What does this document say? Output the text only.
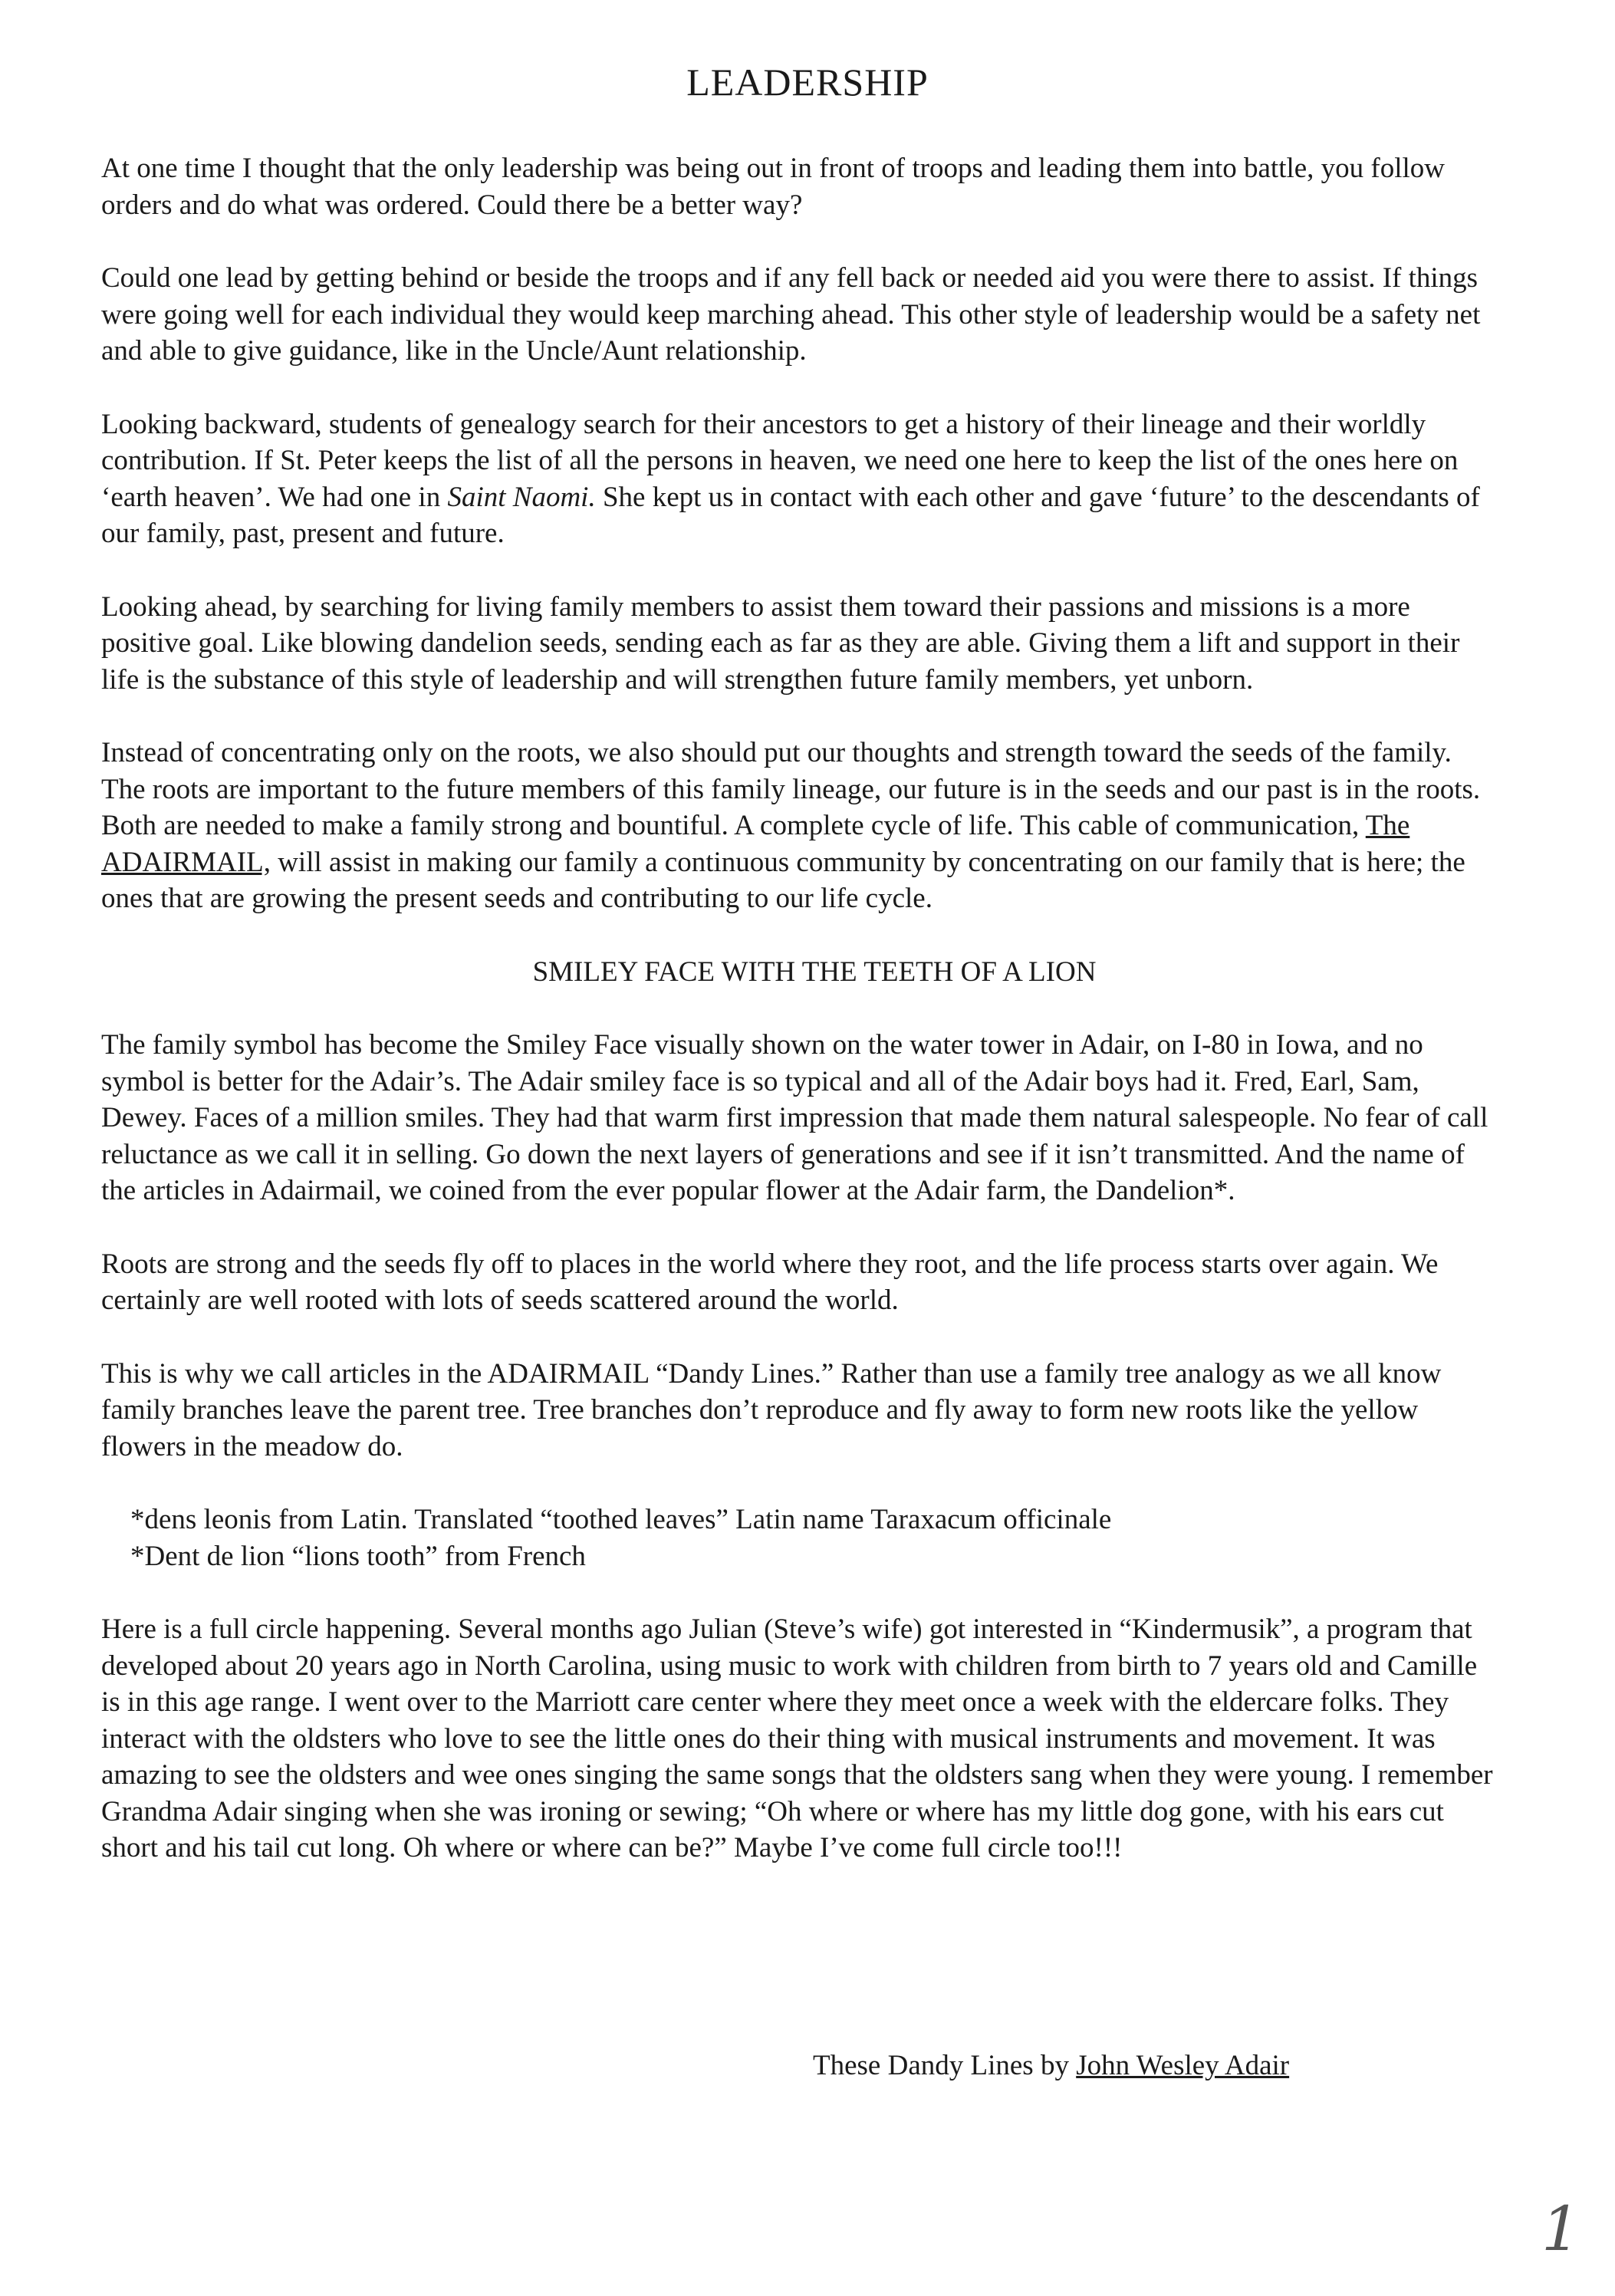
LEADERSHIP

At one time I thought that the only leadership was being out in front of troops and leading them into battle, you follow orders and do what was ordered. Could there be a better way?

Could one lead by getting behind or beside the troops and if any fell back or needed aid you were there to assist. If things were going well for each individual they would keep marching ahead. This other style of leadership would be a safety net and able to give guidance, like in the Uncle/Aunt relationship.

Looking backward, students of genealogy search for their ancestors to get a history of their lineage and their worldly contribution. If St. Peter keeps the list of all the persons in heaven, we need one here to keep the list of the ones here on ‘earth heaven’. We had one in Saint Naomi. She kept us in contact with each other and gave ‘future’ to the descendants of our family, past, present and future.

Looking ahead, by searching for living family members to assist them toward their passions and missions is a more positive goal. Like blowing dandelion seeds, sending each as far as they are able. Giving them a lift and support in their life is the substance of this style of leadership and will strengthen future family members, yet unborn.

Instead of concentrating only on the roots, we also should put our thoughts and strength toward the seeds of the family. The roots are important to the future members of this family lineage, our future is in the seeds and our past is in the roots. Both are needed to make a family strong and bountiful. A complete cycle of life. This cable of communication, The ADAIRMAIL, will assist in making our family a continuous community by concentrating on our family that is here; the ones that are growing the present seeds and contributing to our life cycle.

SMILEY FACE WITH THE TEETH OF A LION

The family symbol has become the Smiley Face visually shown on the water tower in Adair, on I-80 in Iowa, and no symbol is better for the Adair’s. The Adair smiley face is so typical and all of the Adair boys had it. Fred, Earl, Sam, Dewey. Faces of a million smiles. They had that warm first impression that made them natural salespeople. No fear of call reluctance as we call it in selling. Go down the next layers of generations and see if it isn’t transmitted. And the name of the articles in Adairmail, we coined from the ever popular flower at the Adair farm, the Dandelion*.

Roots are strong and the seeds fly off to places in the world where they root, and the life process starts over again. We certainly are well rooted with lots of seeds scattered around the world.

This is why we call articles in the ADAIRMAIL “Dandy Lines.” Rather than use a family tree analogy as we all know family branches leave the parent tree. Tree branches don’t reproduce and fly away to form new roots like the yellow flowers in the meadow do.

*dens leonis from Latin. Translated “toothed leaves” Latin name Taraxacum officinale
*Dent de lion “lions tooth” from French

Here is a full circle happening. Several months ago Julian (Steve’s wife) got interested in “Kindermusik”, a program that developed about 20 years ago in North Carolina, using music to work with children from birth to 7 years old and Camille is in this age range. I went over to the Marriott care center where they meet once a week with the eldercare folks. They interact with the oldsters who love to see the little ones do their thing with musical instruments and movement. It was amazing to see the oldsters and wee ones singing the same songs that the oldsters sang when they were young. I remember Grandma Adair singing when she was ironing or sewing; “Oh where or where has my little dog gone, with his ears cut short and his tail cut long. Oh where or where can be?” Maybe I’ve come full circle too!!!

These Dandy Lines by John Wesley Adair
1
